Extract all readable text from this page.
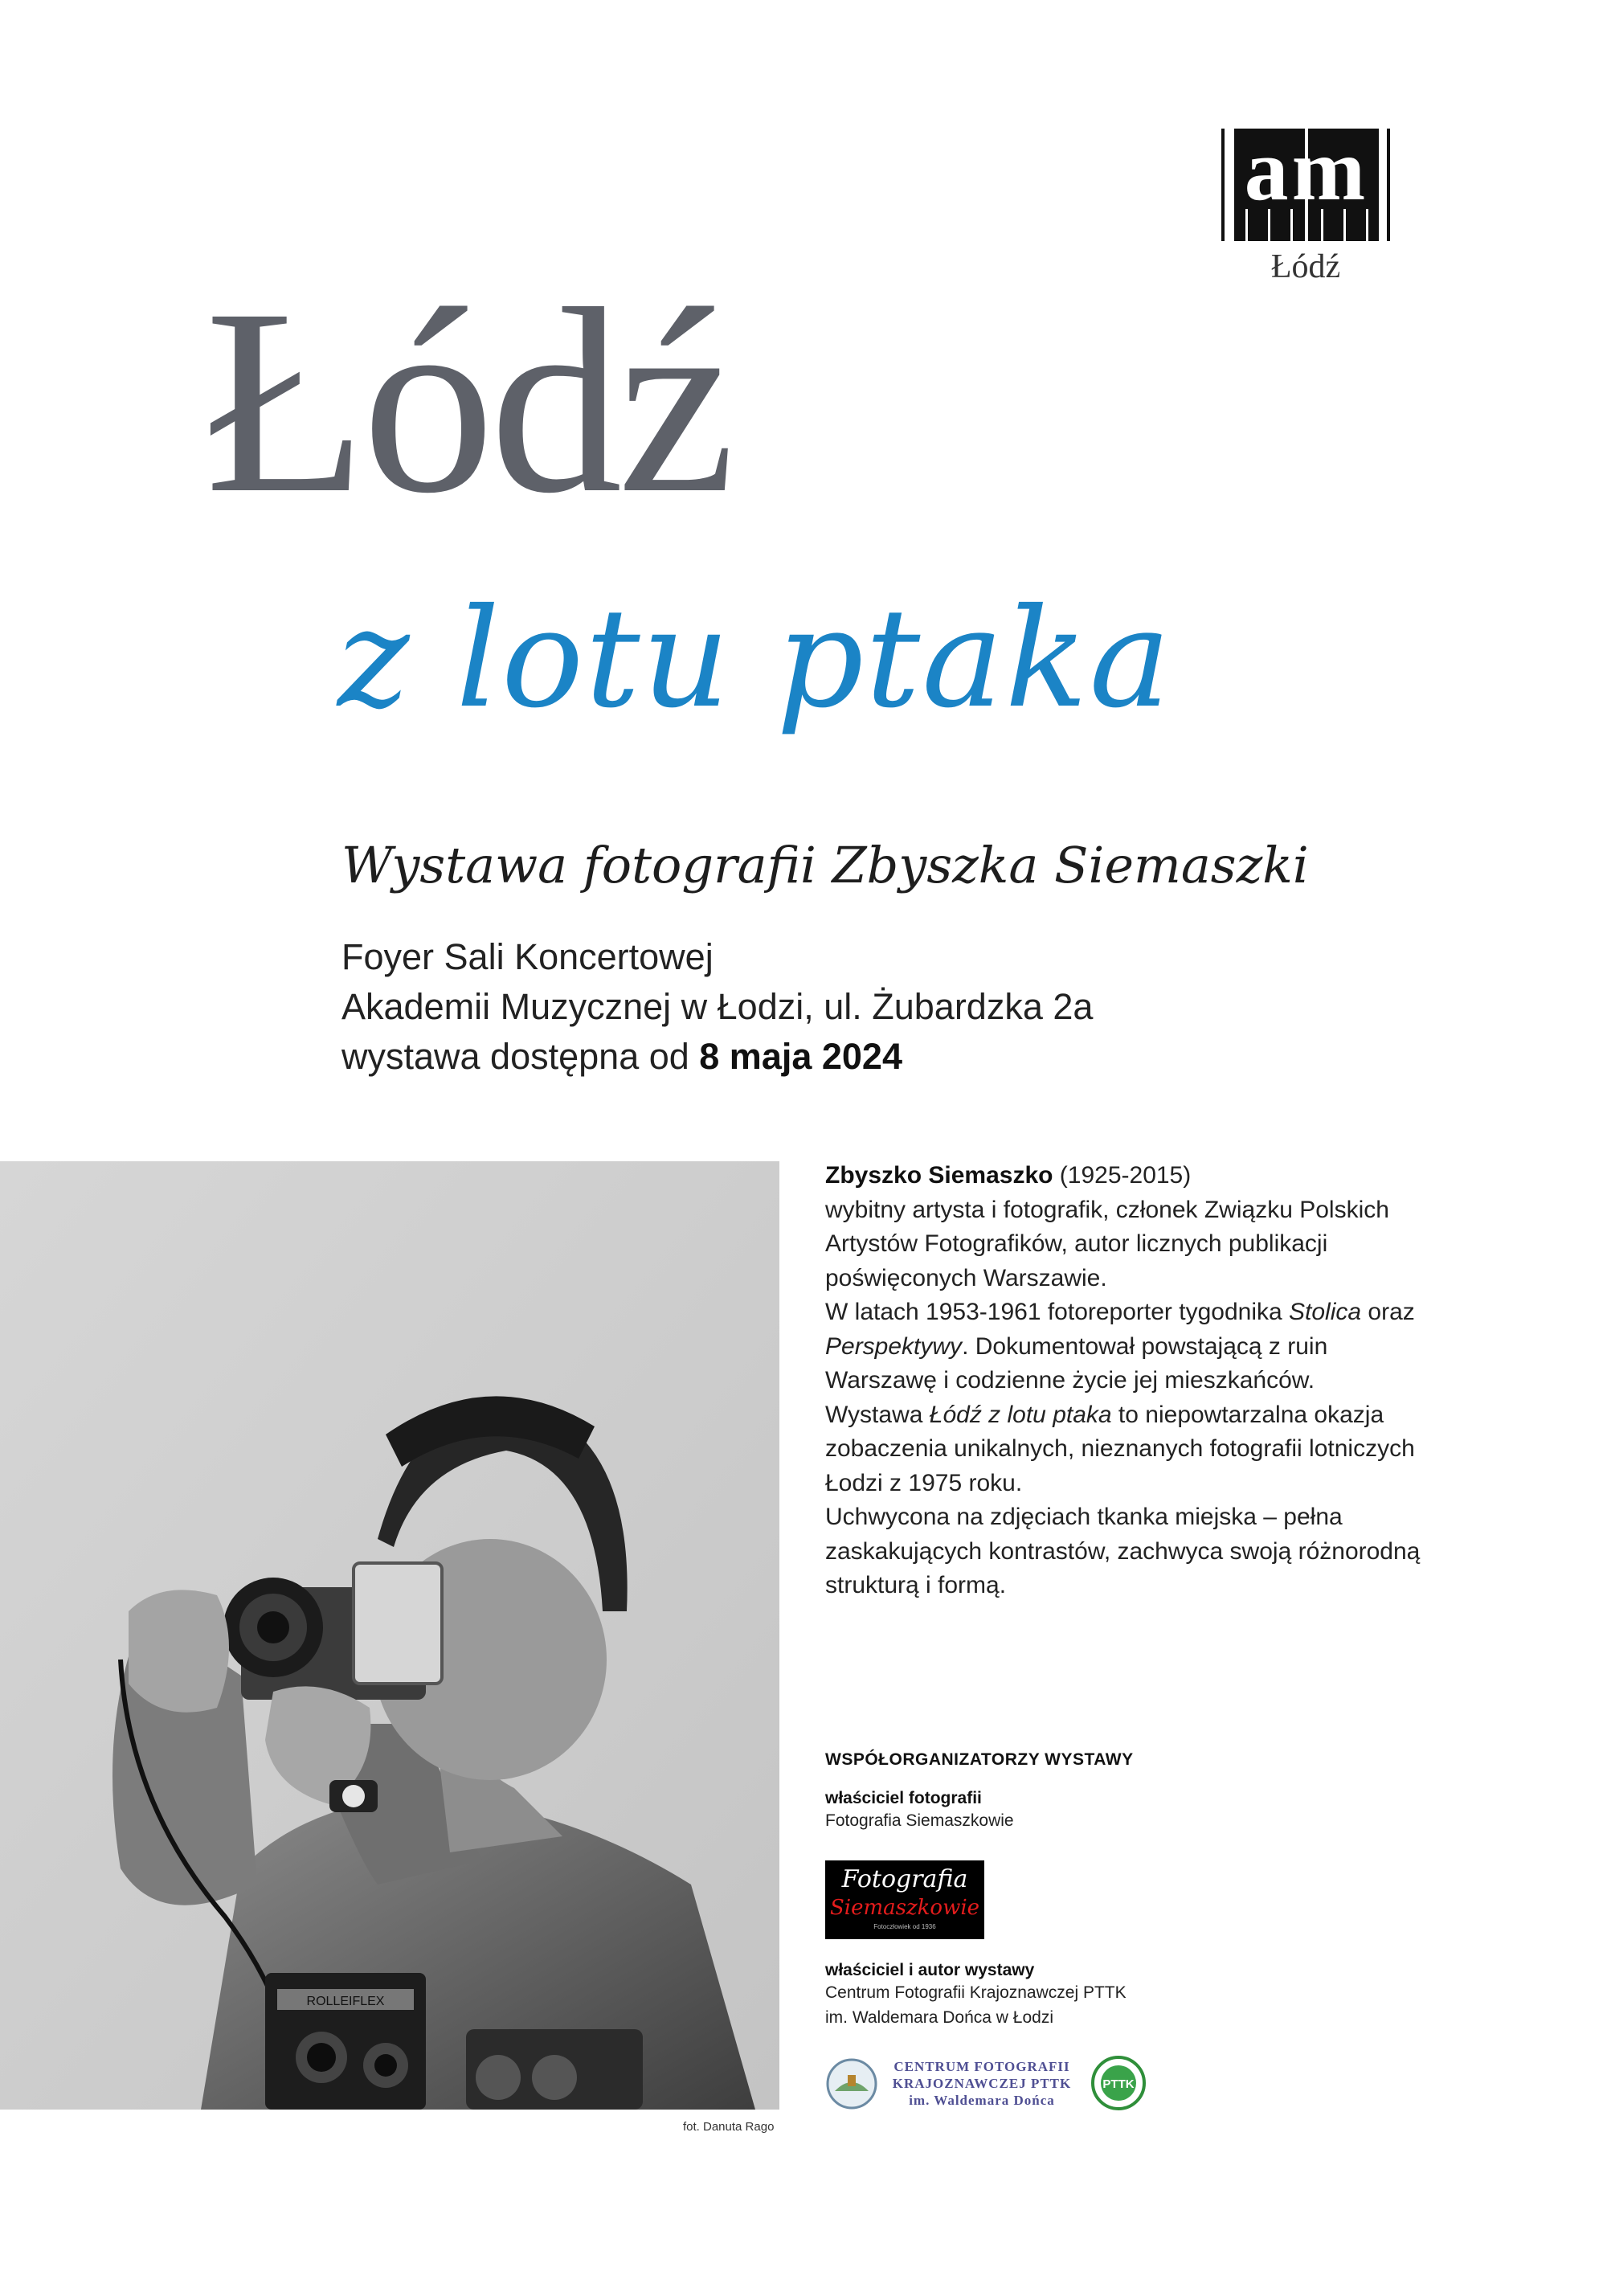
am
Łódź
Łódź
z lotu ptaka
Wystawa fotografii Zbyszka Siemaszki
Foyer Sali Koncertowej
Akademii Muzycznej w Łodzi, ul. Żubardzka 2a
wystawa dostępna od 8 maja 2024
ROLLEIFLEX
fot. Danuta Rago
Zbyszko Siemaszko (1925-2015)
wybitny artysta i fotografik, członek Związku Polskich Artystów Fotografików, autor licznych publikacji poświęconych Warszawie.
W latach 1953-1961 fotoreporter tygodnika Stolica oraz Perspektywy. Dokumentował powstającą z ruin Warszawę i codzienne życie jej mieszkańców.
Wystawa Łódź z lotu ptaka to niepowtarzalna okazja zobaczenia unikalnych, nieznanych fotografii lotniczych Łodzi z 1975 roku.
Uchwycona na zdjęciach tkanka miejska – pełna zaskakujących kontrastów, zachwyca swoją różnorodną strukturą i formą.
WSPÓŁORGANIZATORZY WYSTAWY
właściciel fotografii
Fotografia Siemaszkowie
Fotografia
Siemaszkowie
Fotoczłowiek od 1936
właściciel i autor wystawy
Centrum Fotografii Krajoznawczej PTTK
im. Waldemara Dońca w Łodzi
CENTRUM FOTOGRAFII
KRAJOZNAWCZEJ PTTK
im. Waldemara Dońca
PTTK
